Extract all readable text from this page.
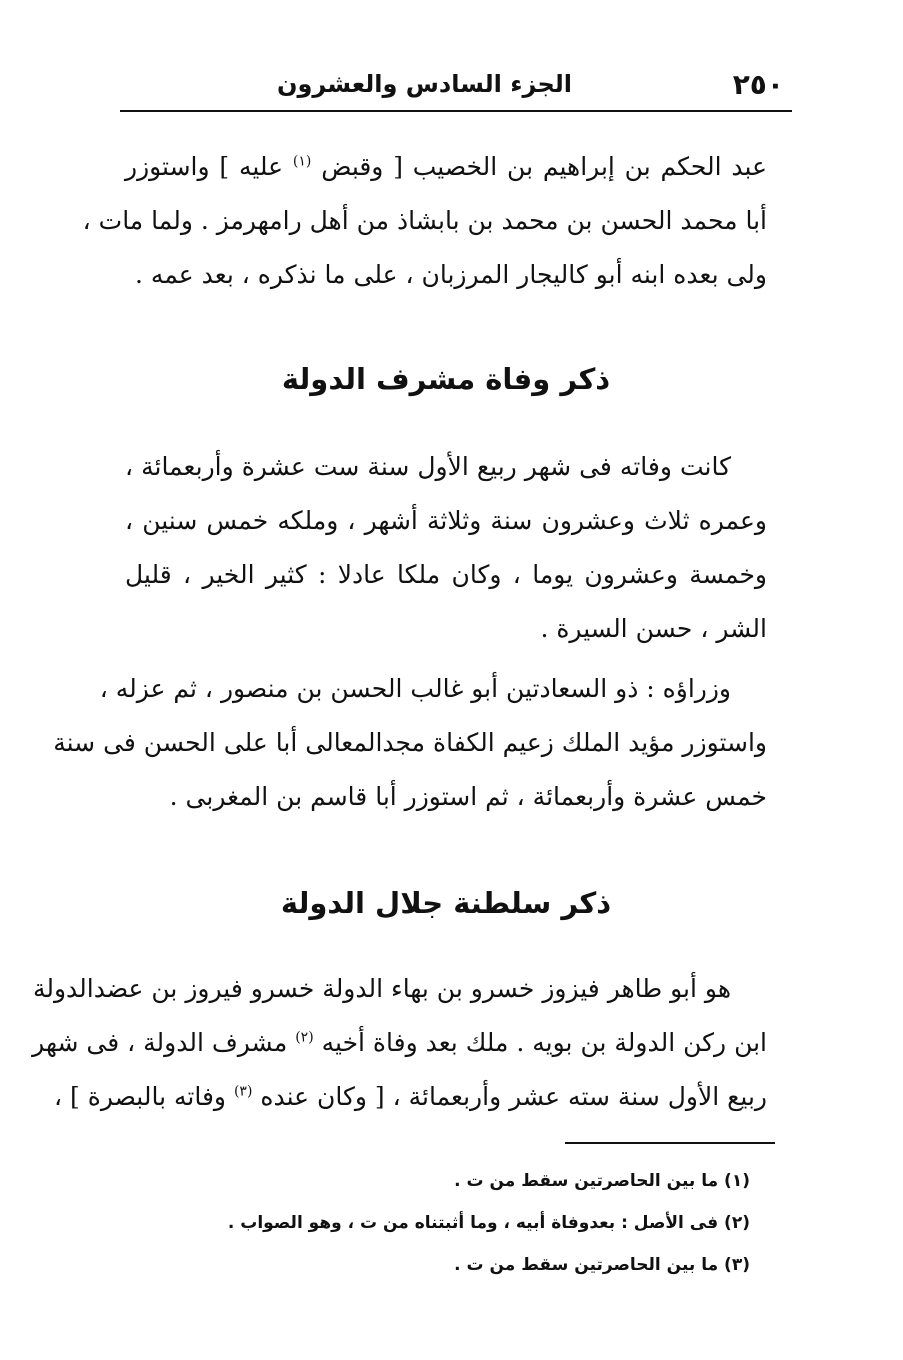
٢٥٠
الجزء السادس والعشرون
عبد الحكم بن إبراهيم بن الخصيب [ وقبض $^{(١)}$ عليه ] واستوزر
أبا محمد الحسن بن محمد بن بابشاذ من أهل رامهرمز . ولما مات ،
ولى بعده ابنه أبو كاليجار المرزبان ، على ما نذكره ، بعد عمه .
ذكر وفاة مشرف الدولة
كانت وفاته فى شهر ربيع الأول سنة ست عشرة وأربعمائة ،
وعمره ثلاث وعشرون سنة وثلاثة أشهر ، وملكه خمس سنين ،
وخمسة وعشرون يوما ، وكان ملكا عادلا : كثير الخير ، قليل
الشر ، حسن السيرة .
وزراؤه : ذو السعادتين أبو غالب الحسن بن منصور ، ثم عزله ،
واستوزر مؤيد الملك زعيم الكفاة مجدالمعالى أبا على الحسن فى سنة
خمس عشرة وأربعمائة ، ثم استوزر أبا قاسم بن المغربى .
ذكر سلطنة جلال الدولة
هو أبو طاهر فيزوز خسرو بن بهاء الدولة خسرو فيروز بن عضدالدولة
ابن ركن الدولة بن بويه . ملك بعد وفاة أخيه $^{(٢)}$ مشرف الدولة ، فى شهر
ربيع الأول سنة سته عشر وأربعمائة ، [ وكان عنده $^{(٣)}$ وفاته بالبصرة ] ،
(١) ما بين الحاصرتين سقط من ت .
(٢) فى الأصل : بعدوفاة أبيه ، وما أثبتناه من ت ، وهو الصواب .
(٣) ما بين الحاصرتين سقط من ت .
